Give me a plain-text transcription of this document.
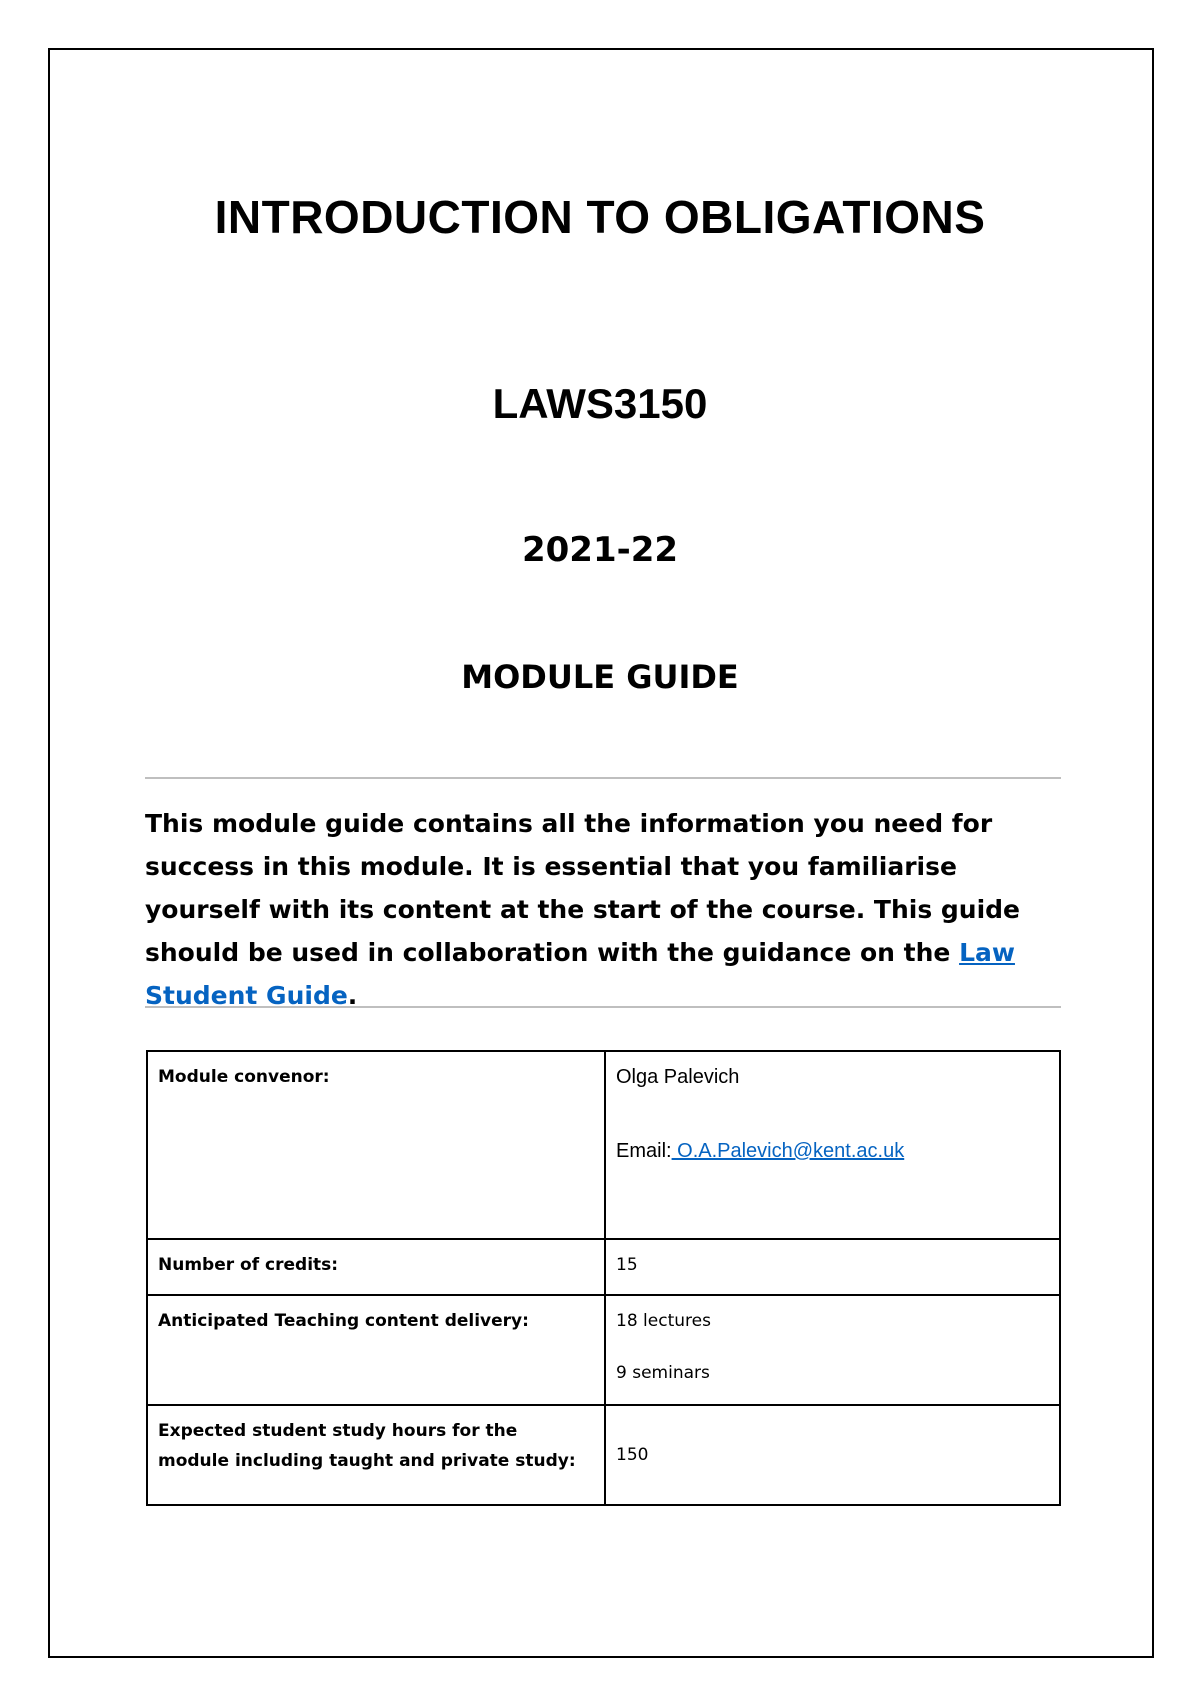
INTRODUCTION TO OBLIGATIONS
LAWS3150
2021-22
MODULE GUIDE
This module guide contains all the information you need for success in this module. It is essential that you familiarise yourself with its content at the start of the course. This guide should be used in collaboration with the guidance on the Law Student Guide.
Module convenor:	Olga Palevich
Email: O.A.Palevich@kent.ac.uk

Number of credits:	15
Anticipated Teaching content delivery:	18 lectures
9 seminars

Expected student study hours for the module including taught and private study:	150
